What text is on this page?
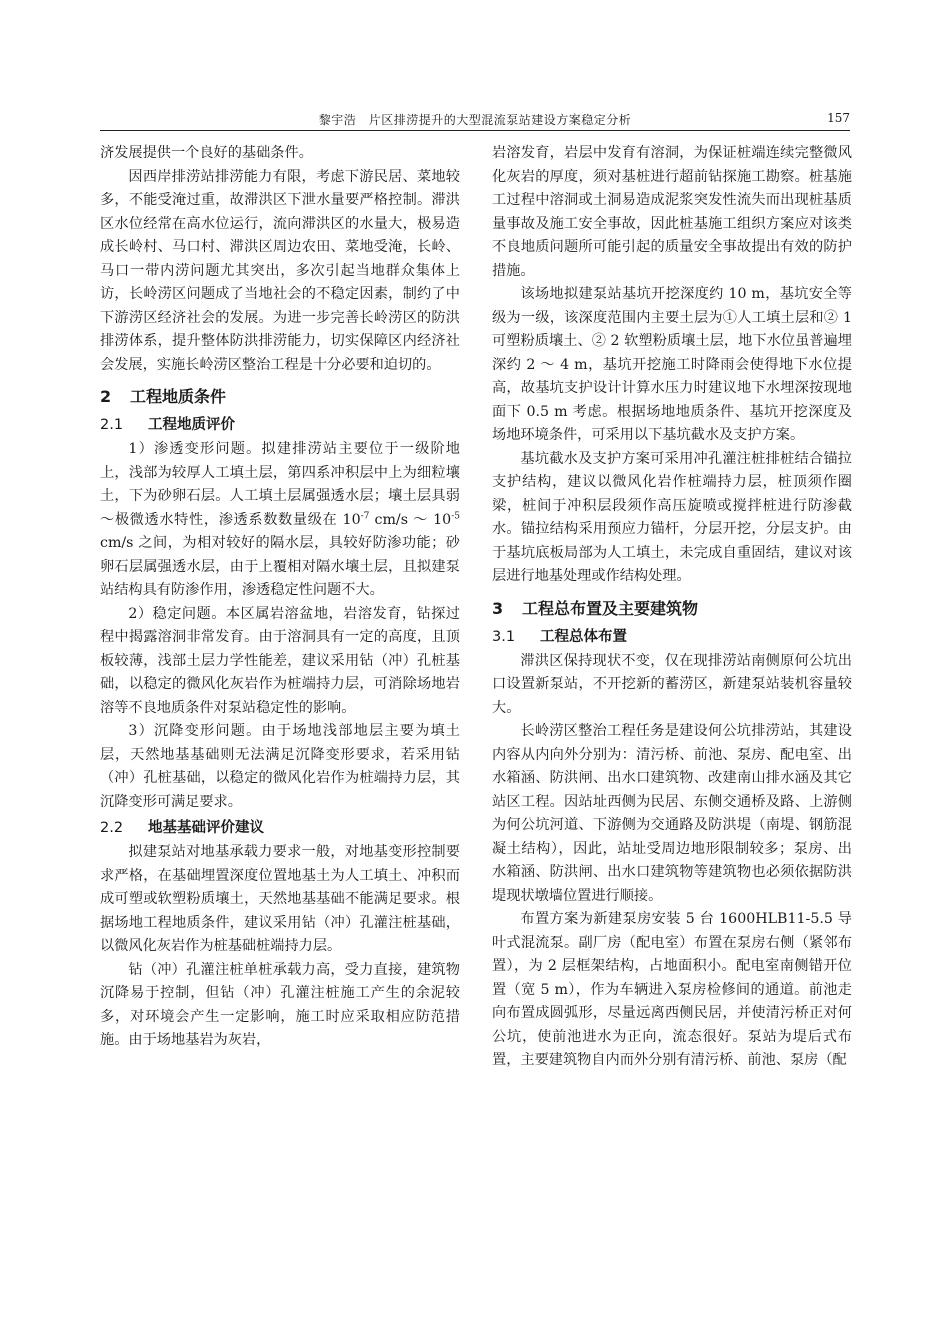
黎宇浩　片区排涝提升的大型混流泵站建设方案稳定分析	157

济发展提供一个良好的基础条件。

因西岸排涝站排涝能力有限，考虑下游民居、菜地较多，不能受淹过重，故滞洪区下泄水量要严格控制。滞洪区水位经常在高水位运行，流向滞洪区的水量大，极易造成长岭村、马口村、滞洪区周边农田、菜地受淹，长岭、马口一带内涝问题尤其突出，多次引起当地群众集体上访，长岭涝区问题成了当地社会的不稳定因素，制约了中下游涝区经济社会的发展。为进一步完善长岭涝区的防洪排涝体系，提升整体防洪排涝能力，切实保障区内经济社会发展，实施长岭涝区整治工程是十分必要和迫切的。

2 工程地质条件
2.1 工程地质评价

1）渗透变形问题。拟建排涝站主要位于一级阶地上，浅部为较厚人工填土层，第四系冲积层中上为细粒壤土，下为砂卵石层。人工填土层属强透水层；壤土层具弱～极微透水特性，渗透系数数量级在 $10^{-7}$ cm/s ～ $10^{-5}$ cm/s 之间，为相对较好的隔水层，具较好防渗功能；砂卵石层属强透水层，由于上覆相对隔水壤土层，且拟建泵站结构具有防渗作用，渗透稳定性问题不大。

2）稳定问题。本区属岩溶盆地，岩溶发育，钻探过程中揭露溶洞非常发育。由于溶洞具有一定的高度，且顶板较薄，浅部土层力学性能差，建议采用钻（冲）孔桩基础，以稳定的微风化灰岩作为桩端持力层，可消除场地岩溶等不良地质条件对泵站稳定性的影响。

3）沉降变形问题。由于场地浅部地层主要为填土层，天然地基基础则无法满足沉降变形要求，若采用钻（冲）孔桩基础，以稳定的微风化岩作为桩端持力层，其沉降变形可满足要求。

2.2 地基基础评价建议

拟建泵站对地基承载力要求一般，对地基变形控制要求严格，在基础埋置深度位置地基土为人工填土、冲积而成可塑或软塑粉质壤土，天然地基基础不能满足要求。根据场地工程地质条件，建议采用钻（冲）孔灌注桩基础，以微风化灰岩作为桩基础桩端持力层。

钻（冲）孔灌注桩单桩承载力高，受力直接，建筑物沉降易于控制，但钻（冲）孔灌注桩施工产生的余泥较多，对环境会产生一定影响，施工时应采取相应防范措施。由于场地基岩为灰岩，

岩溶发育，岩层中发育有溶洞，为保证桩端连续完整微风化灰岩的厚度，须对基桩进行超前钻探施工勘察。桩基施工过程中溶洞或土洞易造成泥浆突发性流失而出现桩基质量事故及施工安全事故，因此桩基施工组织方案应对该类不良地质问题所可能引起的质量安全事故提出有效的防护措施。

该场地拟建泵站基坑开挖深度约 10 m，基坑安全等级为一级，该深度范围内主要土层为①人工填土层和② 1 可塑粉质壤土、② 2 软塑粉质壤土层，地下水位虽普遍埋深约 2 ～ 4 m，基坑开挖施工时降雨会使得地下水位提高，故基坑支护设计计算水压力时建议地下水埋深按现地面下 0.5 m 考虑。根据场地地质条件、基坑开挖深度及场地环境条件，可采用以下基坑截水及支护方案。

基坑截水及支护方案可采用冲孔灌注桩排桩结合锚拉支护结构，建议以微风化岩作桩端持力层，桩顶须作圈梁，桩间于冲积层段须作高压旋喷或搅拌桩进行防渗截水。锚拉结构采用预应力锚杆，分层开挖，分层支护。由于基坑底板局部为人工填土，未完成自重固结，建议对该层进行地基处理或作结构处理。

3 工程总布置及主要建筑物
3.1 工程总体布置

滞洪区保持现状不变，仅在现排涝站南侧原何公坑出口设置新泵站，不开挖新的蓄涝区，新建泵站装机容量较大。

长岭涝区整治工程任务是建设何公坑排涝站，其建设内容从内向外分别为：清污桥、前池、泵房、配电室、出水箱涵、防洪闸、出水口建筑物、改建南山排水涵及其它站区工程。因站址西侧为民居、东侧交通桥及路、上游侧为何公坑河道、下游侧为交通路及防洪堤（南堤、钢筋混凝土结构），因此，站址受周边地形限制较多；泵房、出水箱涵、防洪闸、出水口建筑物等建筑物也必须依据防洪堤现状墩墙位置进行顺接。

布置方案为新建泵房安装 5 台 1600HLB11-5.5 导叶式混流泵。副厂房（配电室）布置在泵房右侧（紧邻布置），为 2 层框架结构，占地面积小。配电室南侧错开位置（宽 5 m），作为车辆进入泵房检修间的通道。前池走向布置成圆弧形，尽量远离西侧民居，并使清污桥正对何公坑，使前池进水为正向，流态很好。泵站为堤后式布置，主要建筑物自内而外分别有清污桥、前池、泵房（配
